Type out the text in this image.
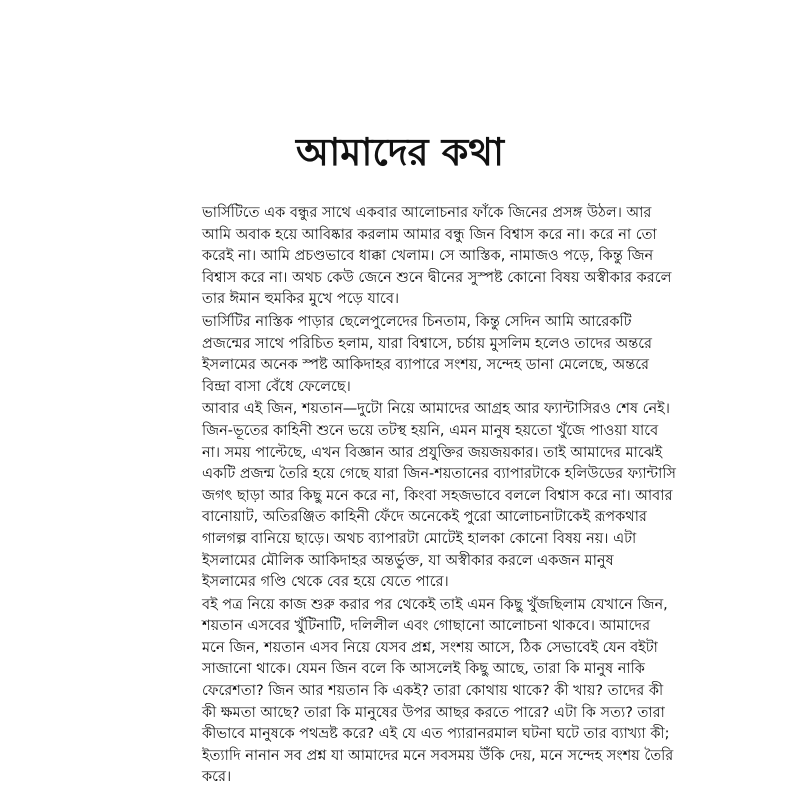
আমাদের কথা
ভার্সিটিতে এক বন্ধুর সাথে একবার আলোচনার ফাঁকে জিনের প্রসঙ্গ উঠল। আর
আমি অবাক হয়ে আবিষ্কার করলাম আমার বন্ধু জিন বিশ্বাস করে না। করে না তো
করেই না। আমি প্রচণ্ডভাবে ধাক্কা খেলাম। সে আস্তিক, নামাজও পড়ে, কিন্তু জিন
বিশ্বাস করে না। অথচ কেউ জেনে শুনে দ্বীনের সুস্পষ্ট কোনো বিষয় অস্বীকার করলে
তার ঈমান হুমকির মুখে পড়ে যাবে।
ভার্সিটির নাস্তিক পাড়ার ছেলেপুলেদের চিনতাম, কিন্তু সেদিন আমি আরেকটি
প্রজন্মের সাথে পরিচিত হলাম, যারা বিশ্বাসে, চর্চায় মুসলিম হলেও তাদের অন্তরে
ইসলামের অনেক স্পষ্ট আকিদাহর ব্যাপারে সংশয়, সন্দেহ ডানা মেলেছে, অন্তরে
বিন্দ্রা বাসা বেঁধে ফেলেছে।
আবার এই জিন, শয়তান—দুটো নিয়ে আমাদের আগ্রহ আর ফ্যান্টাসিরও শেষ নেই।
জিন-ভূতের কাহিনী শুনে ভয়ে তটস্থ হয়নি, এমন মানুষ হয়তো খুঁজে পাওয়া যাবে
না। সময় পাল্টেছে, এখন বিজ্ঞান আর প্রযুক্তির জয়জয়কার। তাই আমাদের মাঝেই
একটি প্রজন্ম তৈরি হয়ে গেছে যারা জিন-শয়তানের ব্যাপারটাকে হলিউডের ফ্যান্টাসি
জগৎ ছাড়া আর কিছু মনে করে না, কিংবা সহজভাবে বললে বিশ্বাস করে না। আবার
বানোয়াট, অতিরঞ্জিত কাহিনী ফেঁদে অনেকেই পুরো আলোচনাটাকেই রূপকথার
গালগল্প বানিয়ে ছাড়ে। অথচ ব্যাপারটা মোটেই হালকা কোনো বিষয় নয়। এটা
ইসলামের মৌলিক আকিদাহর অন্তর্ভুক্ত, যা অস্বীকার করলে একজন মানুষ
ইসলামের গণ্ডি থেকে বের হয়ে যেতে পারে।
বই পত্র নিয়ে কাজ শুরু করার পর থেকেই তাই এমন কিছু খুঁজছিলাম যেখানে জিন,
শয়তান এসবের খুঁটিনাটি, দলিলীল এবং গোছানো আলোচনা থাকবে। আমাদের
মনে জিন, শয়তান এসব নিয়ে যেসব প্রশ্ন, সংশয় আসে, ঠিক সেভাবেই যেন বইটা
সাজানো থাকে। যেমন জিন বলে কি আসলেই কিছু আছে, তারা কি মানুষ নাকি
ফেরেশতা? জিন আর শয়তান কি একই? তারা কোথায় থাকে? কী খায়? তাদের কী
কী ক্ষমতা আছে? তারা কি মানুষের উপর আছর করতে পারে? এটা কি সত্য? তারা
কীভাবে মানুষকে পথভ্রষ্ট করে? এই যে এত প্যারানরমাল ঘটনা ঘটে তার ব্যাখ্যা কী;
ইত্যাদি নানান সব প্রশ্ন যা আমাদের মনে সবসময় উঁকি দেয়, মনে সন্দেহ সংশয় তৈরি
করে।
